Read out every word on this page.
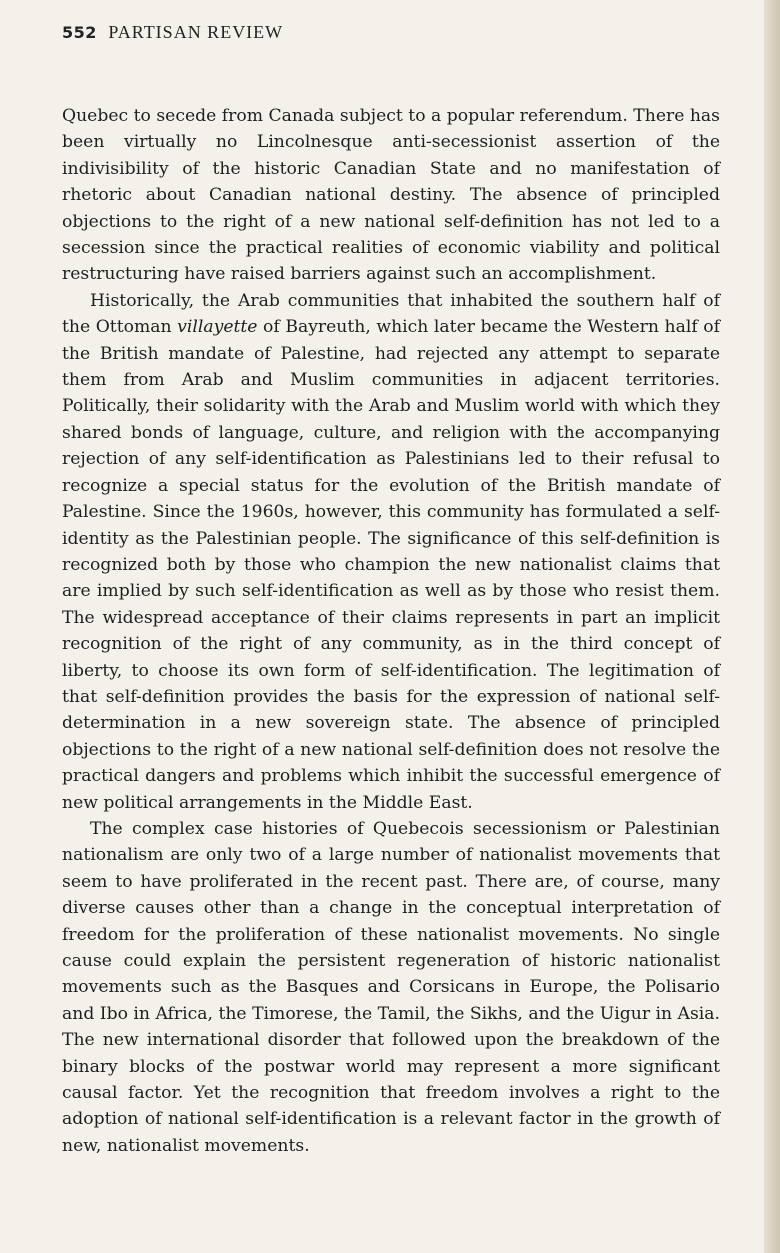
552 PARTISAN REVIEW

Quebec to secede from Canada subject to a popular referendum. There has been virtually no Lincolnesque anti-secessionist assertion of the indivisibility of the historic Canadian State and no manifestation of rhetoric about Canadian national destiny. The absence of principled objections to the right of a new national self-definition has not led to a secession since the practical realities of economic viability and political restructuring have raised barriers against such an accomplishment.

Historically, the Arab communities that inhabited the southern half of the Ottoman villayette of Bayreuth, which later became the Western half of the British mandate of Palestine, had rejected any attempt to separate them from Arab and Muslim communities in adjacent territories. Politically, their solidarity with the Arab and Muslim world with which they shared bonds of language, culture, and religion with the accompanying rejection of any self-identification as Palestinians led to their refusal to recognize a special status for the evolution of the British mandate of Palestine. Since the 1960s, however, this community has formulated a self-identity as the Palestinian people. The significance of this self-definition is recognized both by those who champion the new nationalist claims that are implied by such self-identification as well as by those who resist them. The widespread acceptance of their claims represents in part an implicit recognition of the right of any community, as in the third concept of liberty, to choose its own form of self-identification. The legitimation of that self-definition provides the basis for the expression of national self-determination in a new sovereign state. The absence of principled objections to the right of a new national self-definition does not resolve the practical dangers and problems which inhibit the successful emergence of new political arrangements in the Middle East.

The complex case histories of Quebecois secessionism or Palestinian nationalism are only two of a large number of nationalist movements that seem to have proliferated in the recent past. There are, of course, many diverse causes other than a change in the conceptual interpretation of freedom for the proliferation of these nationalist movements. No single cause could explain the persistent regeneration of historic nationalist movements such as the Basques and Corsicans in Europe, the Polisario and Ibo in Africa, the Timorese, the Tamil, the Sikhs, and the Uigur in Asia. The new international disorder that followed upon the breakdown of the binary blocks of the postwar world may represent a more significant causal factor. Yet the recognition that freedom involves a right to the adoption of national self-identification is a relevant factor in the growth of new, nationalist movements.
